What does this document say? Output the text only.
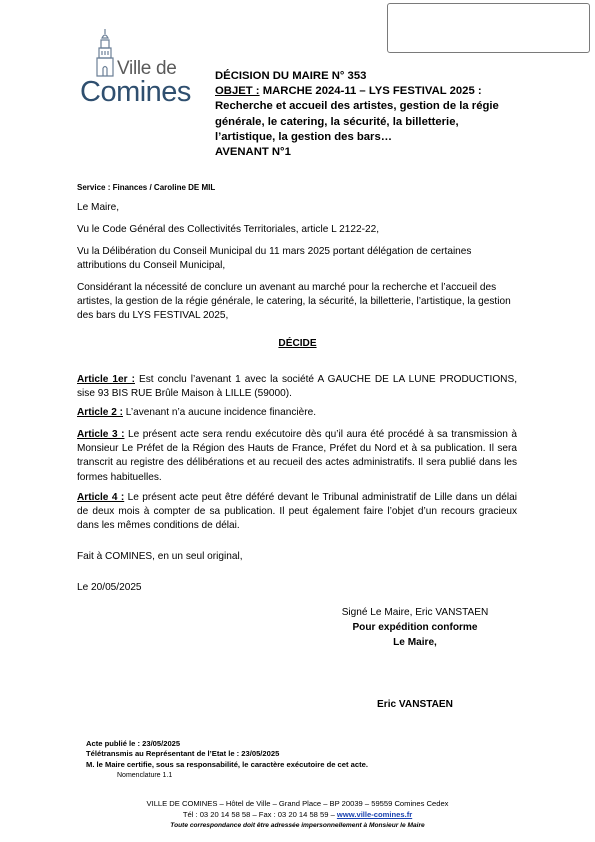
Ville de
Comines DÉCISION DU MAIRE N° 353
OBJET : MARCHE 2024-11 – LYS FESTIVAL 2025 :
Recherche et accueil des artistes, gestion de la régie
générale, le catering, la sécurité, la billetterie,
l’artistique, la gestion des bars…
AVENANT N°1
Service : Finances / Caroline DE MIL
Le Maire,
Vu le Code Général des Collectivités Territoriales, article L 2122-22,
Vu la Délibération du Conseil Municipal du 11 mars 2025 portant délégation de certaines attributions du Conseil Municipal,
Considérant la nécessité de conclure un avenant au marché pour la recherche et l’accueil des artistes, la gestion de la régie générale, le catering, la sécurité, la billetterie, l’artistique, la gestion des bars du LYS FESTIVAL 2025,
DÉCIDE
Article 1er : Est conclu l’avenant 1 avec la société A GAUCHE DE LA LUNE PRODUCTIONS, sise 93 BIS RUE Brûle Maison à LILLE (59000).
Article 2 : L’avenant n’a aucune incidence financière.
Article 3 : Le présent acte sera rendu exécutoire dès qu’il aura été procédé à sa transmission à Monsieur Le Préfet de la Région des Hauts de France, Préfet du Nord et à sa publication. Il sera transcrit au registre des délibérations et au recueil des actes administratifs. Il sera publié dans les formes habituelles.
Article 4 : Le présent acte peut être déféré devant le Tribunal administratif de Lille dans un délai de deux mois à compter de sa publication. Il peut également faire l’objet d’un recours gracieux dans les mêmes conditions de délai.
Fait à COMINES, en un seul original,
Le 20/05/2025
Signé Le Maire, Eric VANSTAEN
Pour expédition conforme
Le Maire,
Eric VANSTAEN
Acte publié le : 23/05/2025
Télétransmis au Représentant de l’Etat le : 23/05/2025
M. le Maire certifie, sous sa responsabilité, le caractère exécutoire de cet acte.
Nomenclature 1.1
VILLE DE COMINES – Hôtel de Ville – Grand Place – BP 20039 – 59559 Comines Cedex
Tél : 03 20 14 58 58 – Fax : 03 20 14 58 59 – www.ville-comines.fr
Toute correspondance doit être adressée impersonnellement à Monsieur le Maire
